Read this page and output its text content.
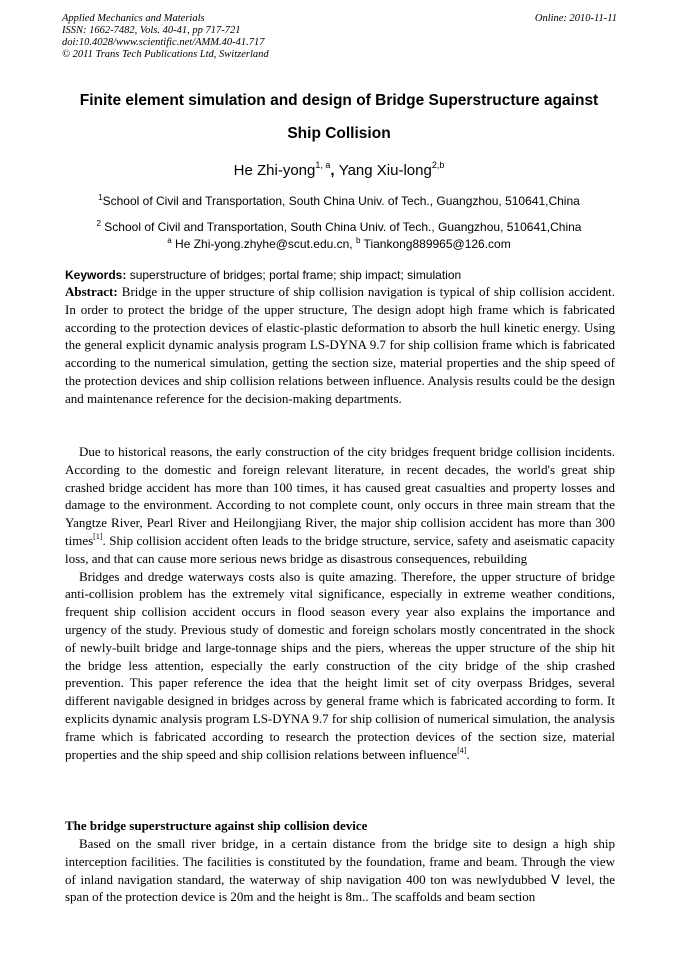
Applied Mechanics and Materials
ISSN: 1662-7482, Vols. 40-41, pp 717-721
doi:10.4028/www.scientific.net/AMM.40-41.717
© 2011 Trans Tech Publications Ltd, Switzerland
Online: 2010-11-11
Finite element simulation and design of Bridge Superstructure against
Ship Collision
He Zhi-yong$^{1, a}$, Yang Xiu-long$^{2,b}$
$^1$School of Civil and Transportation, South China Univ. of Tech., Guangzhou, 510641,China
$^2$ School of Civil and Transportation, South China Univ. of Tech., Guangzhou, 510641,China
$^a$ He Zhi-yong.zhyhe@scut.edu.cn, $^b$ Tiankong889965@126.com
Keywords: superstructure of bridges; portal frame; ship impact; simulation

Abstract: Bridge in the upper structure of ship collision navigation is typical of ship collision accident. In order to protect the bridge of the upper structure, The design adopt high frame which is fabricated according to the protection devices of elastic-plastic deformation to absorb the hull kinetic energy. Using the general explicit dynamic analysis program LS-DYNA 9.7 for ship collision frame which is fabricated according to the numerical simulation, getting the section size, material properties and the ship speed of the protection devices and ship collision relations between influence. Analysis results could be the design and maintenance reference for the decision-making departments.

Due to historical reasons, the early construction of the city bridges frequent bridge collision incidents. According to the domestic and foreign relevant literature, in recent decades, the world's great ship crashed bridge accident has more than 100 times, it has caused great casualties and property losses and damage to the environment. According to not complete count, only occurs in three main stream that the Yangtze River, Pearl River and Heilongjiang River, the major ship collision accident has more than 300 times[1]. Ship collision accident often leads to the bridge structure, service, safety and aseismatic capacity loss, and that can cause more serious news bridge as disastrous consequences, rebuilding

Bridges and dredge waterways costs also is quite amazing. Therefore, the upper structure of bridge anti-collision problem has the extremely vital significance, especially in extreme weather conditions, frequent ship collision accident occurs in flood season every year also explains the importance and urgency of the study. Previous study of domestic and foreign scholars mostly concentrated in the shock of newly-built bridge and large-tonnage ships and the piers, whereas the upper structure of the ship hit the bridge less attention, especially the early construction of the city bridge of the ship crashed prevention. This paper reference the idea that the height limit set of city overpass Bridges, several different navigable designed in bridges across by general frame which is fabricated according to form. It explicits dynamic analysis program LS-DYNA 9.7 for ship collision of numerical simulation, the analysis frame which is fabricated according to research the protection devices of the section size, material properties and the ship speed and ship collision relations between influence[4].

The bridge superstructure against ship collision device

Based on the small river bridge, in a certain distance from the bridge site to design a high ship interception facilities. The facilities is constituted by the foundation, frame and beam. Through the view of inland navigation standard, the waterway of ship navigation 400 ton was newlydubbed Ⅴ level, the span of the protection device is 20m and the height is 8m.. The scaffolds and beam section
